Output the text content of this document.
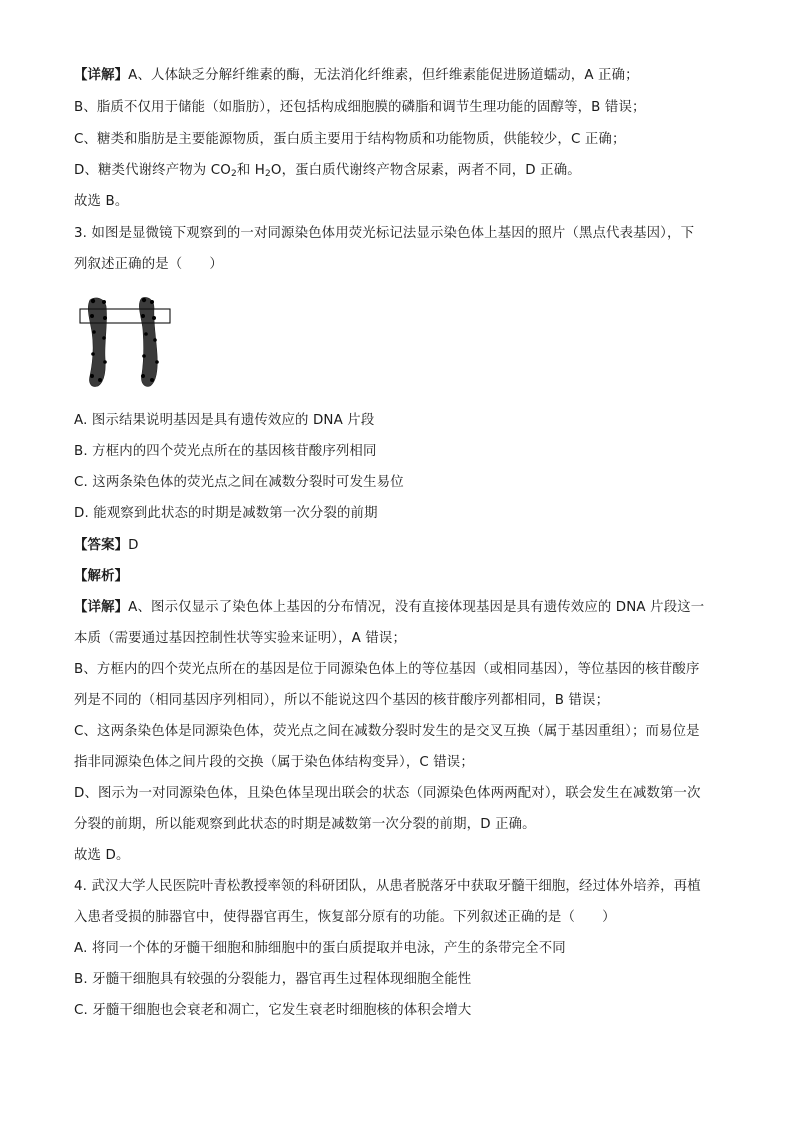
【详解】A、人体缺乏分解纤维素的酶，无法消化纤维素，但纤维素能促进肠道蠕动，A 正确；
B、脂质不仅用于储能（如脂肪），还包括构成细胞膜的磷脂和调节生理功能的固醇等，B 错误；
C、糖类和脂肪是主要能源物质，蛋白质主要用于结构物质和功能物质，供能较少，C 正确；
D、糖类代谢终产物为 $CO_2$和 $H_2O$，蛋白质代谢终产物含尿素，两者不同，D 正确。
故选 B。
3. 如图是显微镜下观察到的一对同源染色体用荧光标记法显示染色体上基因的照片（黑点代表基因），下
列叙述正确的是（　　）
A. 图示结果说明基因是具有遗传效应的 DNA 片段
B. 方框内的四个荧光点所在的基因核苷酸序列相同
C. 这两条染色体的荧光点之间在减数分裂时可发生易位
D. 能观察到此状态的时期是减数第一次分裂的前期
【答案】D
【解析】
【详解】A、图示仅显示了染色体上基因的分布情况，没有直接体现基因是具有遗传效应的 DNA 片段这一
本质（需要通过基因控制性状等实验来证明），A 错误；
B、方框内的四个荧光点所在的基因是位于同源染色体上的等位基因（或相同基因），等位基因的核苷酸序
列是不同的（相同基因序列相同），所以不能说这四个基因的核苷酸序列都相同，B 错误；
C、这两条染色体是同源染色体，荧光点之间在减数分裂时发生的是交叉互换（属于基因重组）；而易位是
指非同源染色体之间片段的交换（属于染色体结构变异），C 错误；
D、图示为一对同源染色体，且染色体呈现出联会的状态（同源染色体两两配对），联会发生在减数第一次
分裂的前期，所以能观察到此状态的时期是减数第一次分裂的前期，D 正确。
故选 D。
4. 武汉大学人民医院叶青松教授率领的科研团队，从患者脱落牙中获取牙髓干细胞，经过体外培养，再植
入患者受损的肺器官中，使得器官再生，恢复部分原有的功能。下列叙述正确的是（　　）
A. 将同一个体的牙髓干细胞和肺细胞中的蛋白质提取并电泳，产生的条带完全不同
B. 牙髓干细胞具有较强的分裂能力，器官再生过程体现细胞全能性
C. 牙髓干细胞也会衰老和凋亡，它发生衰老时细胞核的体积会增大
